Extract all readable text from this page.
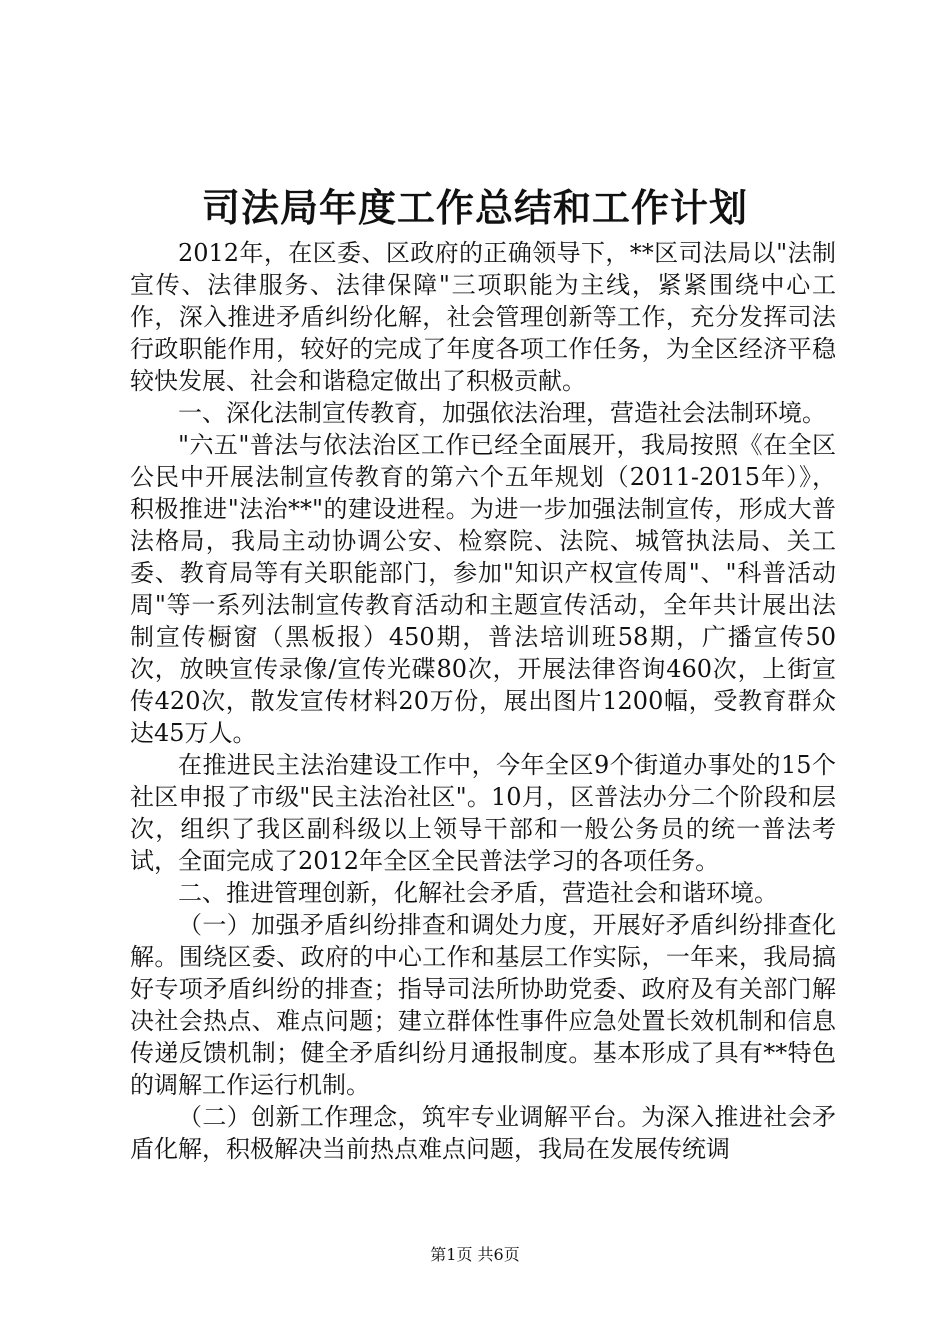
司法局年度工作总结和工作计划

2012年，在区委、区政府的正确领导下，**区司法局以"法制宣传、法律服务、法律保障"三项职能为主线，紧紧围绕中心工作，深入推进矛盾纠纷化解，社会管理创新等工作，充分发挥司法行政职能作用，较好的完成了年度各项工作任务，为全区经济平稳较快发展、社会和谐稳定做出了积极贡献。

一、深化法制宣传教育，加强依法治理，营造社会法制环境。

"六五"普法与依法治区工作已经全面展开，我局按照《在全区公民中开展法制宣传教育的第六个五年规划（2011-2015年）》，积极推进"法治**"的建设进程。为进一步加强法制宣传，形成大普法格局，我局主动协调公安、检察院、法院、城管执法局、关工委、教育局等有关职能部门，参加"知识产权宣传周"、"科普活动周"等一系列法制宣传教育活动和主题宣传活动，全年共计展出法制宣传橱窗（黑板报）450期，普法培训班58期，广播宣传50次，放映宣传录像/宣传光碟80次，开展法律咨询460次，上街宣传420次，散发宣传材料20万份，展出图片1200幅，受教育群众达45万人。

在推进民主法治建设工作中，今年全区9个街道办事处的15个社区申报了市级"民主法治社区"。10月，区普法办分二个阶段和层次，组织了我区副科级以上领导干部和一般公务员的统一普法考试，全面完成了2012年全区全民普法学习的各项任务。

二、推进管理创新，化解社会矛盾，营造社会和谐环境。

（一）加强矛盾纠纷排查和调处力度，开展好矛盾纠纷排查化解。围绕区委、政府的中心工作和基层工作实际，一年来，我局搞好专项矛盾纠纷的排查；指导司法所协助党委、政府及有关部门解决社会热点、难点问题；建立群体性事件应急处置长效机制和信息传递反馈机制；健全矛盾纠纷月通报制度。基本形成了具有**特色的调解工作运行机制。

（二）创新工作理念，筑牢专业调解平台。为深入推进社会矛盾化解，积极解决当前热点难点问题，我局在发展传统调

第1页 共6页
